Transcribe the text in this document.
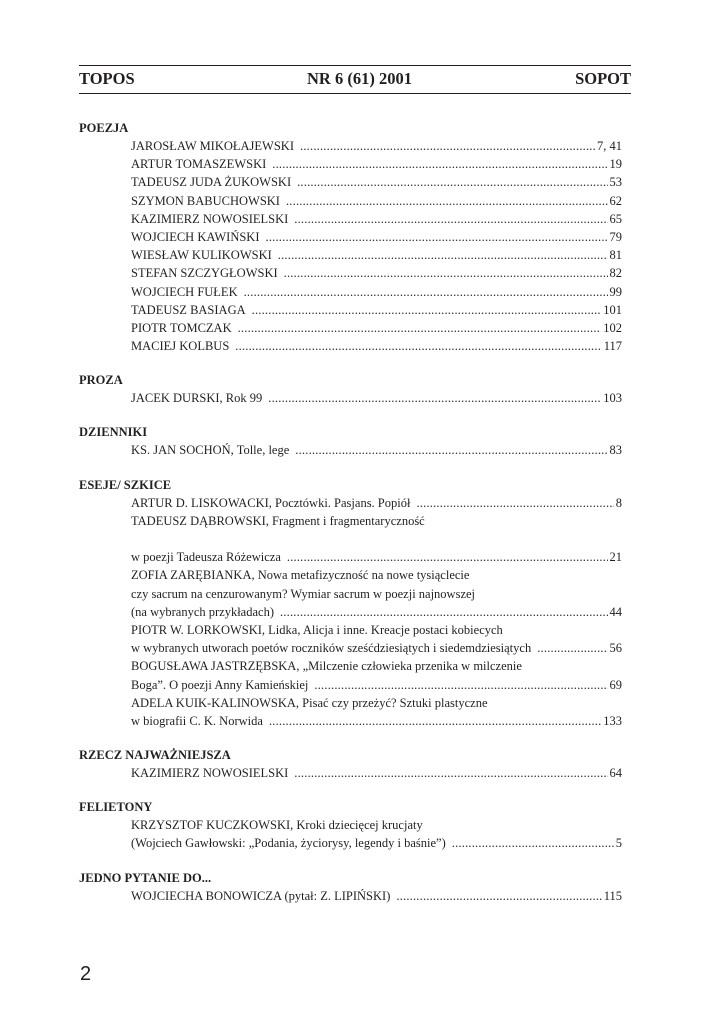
TOPOS	NR 6 (61) 2001	SOPOT
POEZJA
JAROSŁAW MIKOŁAJEWSKI .....	7, 41
ARTUR TOMASZEWSKI .....	19
TADEUSZ JUDA ŻUKOWSKI .....	53
SZYMON BABUCHOWSKI .....	62
KAZIMIERZ NOWOSIELSKI .....	65
WOJCIECH KAWIŃSKI .....	79
WIESŁAW KULIKOWSKI .....	81
STEFAN SZCZYGŁOWSKI .....	82
WOJCIECH FUŁEK .....	99
TADEUSZ BASIAGA .....	101
PIOTR TOMCZAK .....	102
MACIEJ KOLBUS .....	117
PROZA
JACEK DURSKI, Rok 99 .....	103
DZIENNIKI
KS. JAN SOCHOŃ, Tolle, lege .....	83
ESEJE/ SZKICE
ARTUR D. LISKOWACKI, Pocztówki. Pasjans. Popiół .....	8
TADEUSZ DĄBROWSKI, Fragment i fragmentaryczność
w poezji Tadeusza Różewicza .....	21
ZOFIA ZARĘBIANKA, Nowa metafizyczność na nowe tysiąclecie
czy sacrum na cenzurowanym? Wymiar sacrum w poezji najnowszej
(na wybranych przykładach) .....	44
PIOTR W. LORKOWSKI, Lidka, Alicja i inne. Kreacje postaci kobiecych
w wybranych utworach poetów roczników sześćdziesiątych i siedemdziesiątych .....	56
BOGUSŁAWA JASTRZĘBSKA, „Milczenie człowieka przenika w milczenie
Boga”. O poezji Anny Kamieńskiej .....	69
ADELA KUIK-KALINOWSKA, Pisać czy przeżyć? Sztuki plastyczne
w biografii C. K. Norwida .....	133
RZECZ NAJWAŻNIEJSZA
KAZIMIERZ NOWOSIELSKI .....	64
FELIETONY
KRZYSZTOF KUCZKOWSKI, Kroki dziecięcej krucjaty
(Wojciech Gawłowski: „Podania, życiorysy, legendy i baśnie”) .....	5
JEDNO PYTANIE DO...
WOJCIECHA BONOWICZA (pytał: Z. LIPIŃSKI) .....	115
2
